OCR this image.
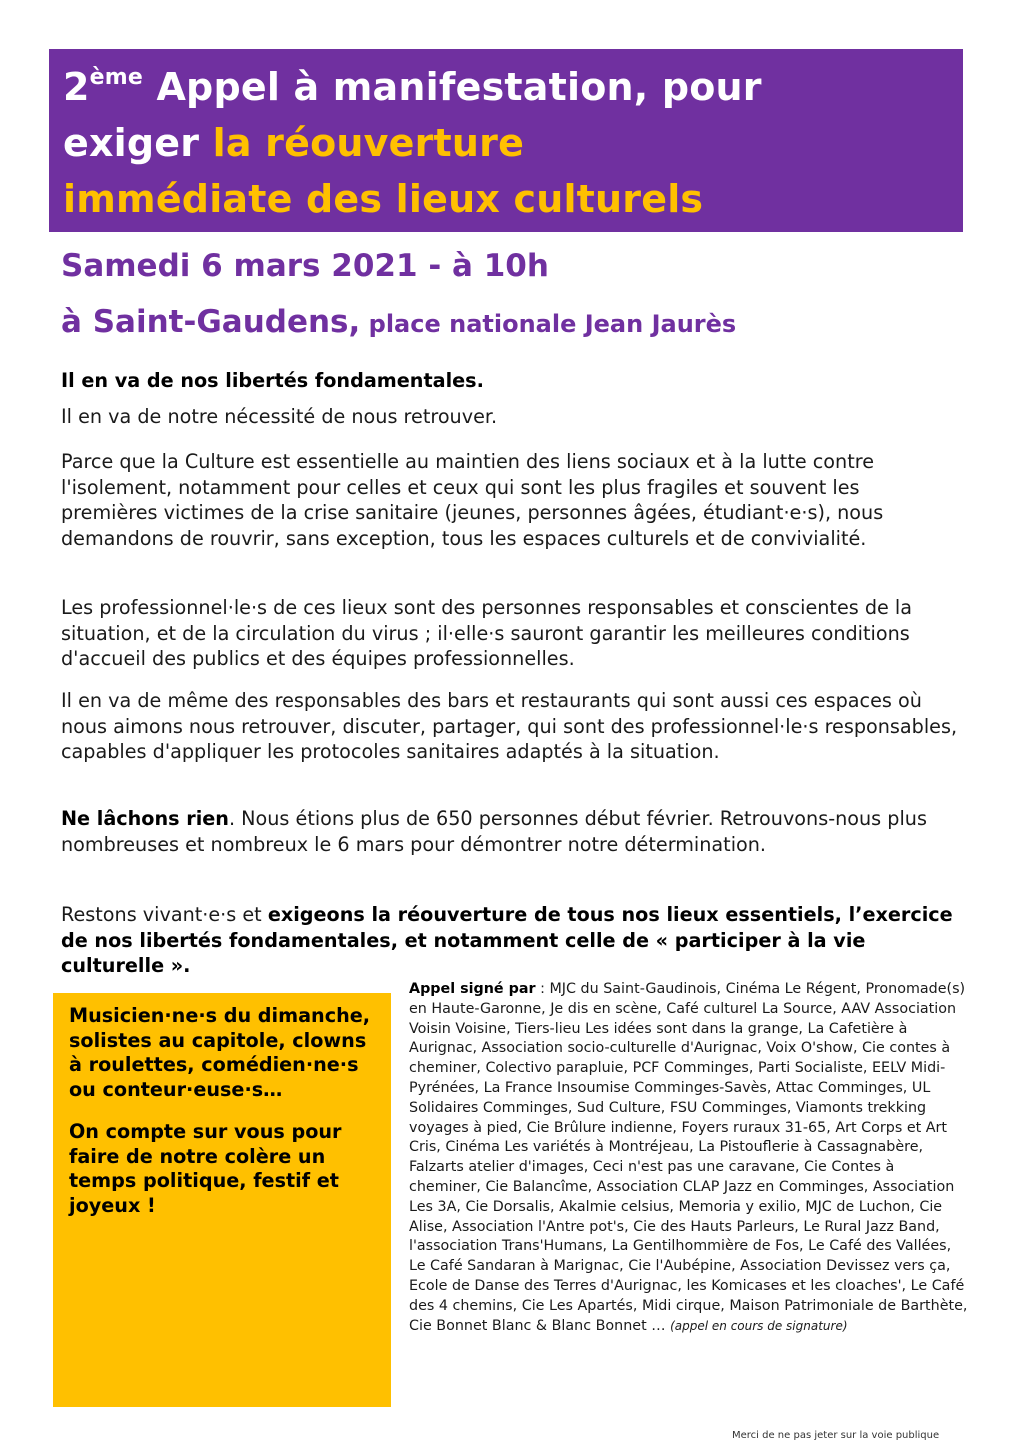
2ème Appel à manifestation, pour
exiger la réouverture
immédiate des lieux culturels
Samedi 6 mars 2021 - à 10h
à Saint-Gaudens, place nationale Jean Jaurès
Il en va de nos libertés fondamentales.
Il en va de notre nécessité de nous retrouver.
Parce que la Culture est essentielle au maintien des liens sociaux et à la lutte contre l'isolement, notamment pour celles et ceux qui sont les plus fragiles et souvent les premières victimes de la crise sanitaire (jeunes, personnes âgées, étudiant·e·s), nous demandons de rouvrir, sans exception, tous les espaces culturels et de convivialité.
Les professionnel·le·s de ces lieux sont des personnes responsables et conscientes de la situation, et de la circulation du virus ; il·elle·s sauront garantir les meilleures conditions d'accueil des publics et des équipes professionnelles.
Il en va de même des responsables des bars et restaurants qui sont aussi ces espaces où nous aimons nous retrouver, discuter, partager, qui sont des professionnel·le·s responsables, capables d'appliquer les protocoles sanitaires adaptés à la situation.
Ne lâchons rien. Nous étions plus de 650 personnes début février. Retrouvons-nous plus nombreuses et nombreux le 6 mars pour démontrer notre détermination.
Restons vivant·e·s et exigeons la réouverture de tous nos lieux essentiels, l’exercice de nos libertés fondamentales, et notamment celle de « participer à la vie culturelle ».

Musicien·ne·s du dimanche, solistes au capitole, clowns à roulettes, comédien·ne·s ou conteur·euse·s…

On compte sur vous pour faire de notre colère un temps politique, festif et joyeux !

Appel signé par : MJC du Saint-Gaudinois, Cinéma Le Régent, Pronomade(s) en Haute-Garonne, Je dis en scène, Café culturel La Source, AAV Association Voisin Voisine, Tiers-lieu Les idées sont dans la grange, La Cafetière à Aurignac, Association socio-culturelle d'Aurignac, Voix O'show, Cie contes à cheminer, Colectivo parapluie, PCF Comminges, Parti Socialiste, EELV Midi-Pyrénées, La France Insoumise Comminges-Savès, Attac Comminges, UL Solidaires Comminges, Sud Culture, FSU Comminges, Viamonts trekking voyages à pied, Cie Brûlure indienne, Foyers ruraux 31-65, Art Corps et Art Cris, Cinéma Les variétés à Montréjeau, La Pistouflerie à Cassagnabère, Falzarts atelier d'images, Ceci n'est pas une caravane, Cie Contes à cheminer, Cie Balancîme, Association CLAP Jazz en Comminges, Association Les 3A, Cie Dorsalis, Akalmie celsius, Memoria y exilio, MJC de Luchon, Cie Alise, Association l'Antre pot's, Cie des Hauts Parleurs, Le Rural Jazz Band, l'association Trans'Humans, La Gentilhommière de Fos, Le Café des Vallées, Le Café Sandaran à Marignac, Cie l'Aubépine, Association Devissez vers ça, Ecole de Danse des Terres d'Aurignac, les Komicases et les cloaches', Le Café des 4 chemins, Cie Les Apartés, Midi cirque, Maison Patrimoniale de Barthète, Cie Bonnet Blanc & Blanc Bonnet … (appel en cours de signature)
Merci de ne pas jeter sur la voie publique
